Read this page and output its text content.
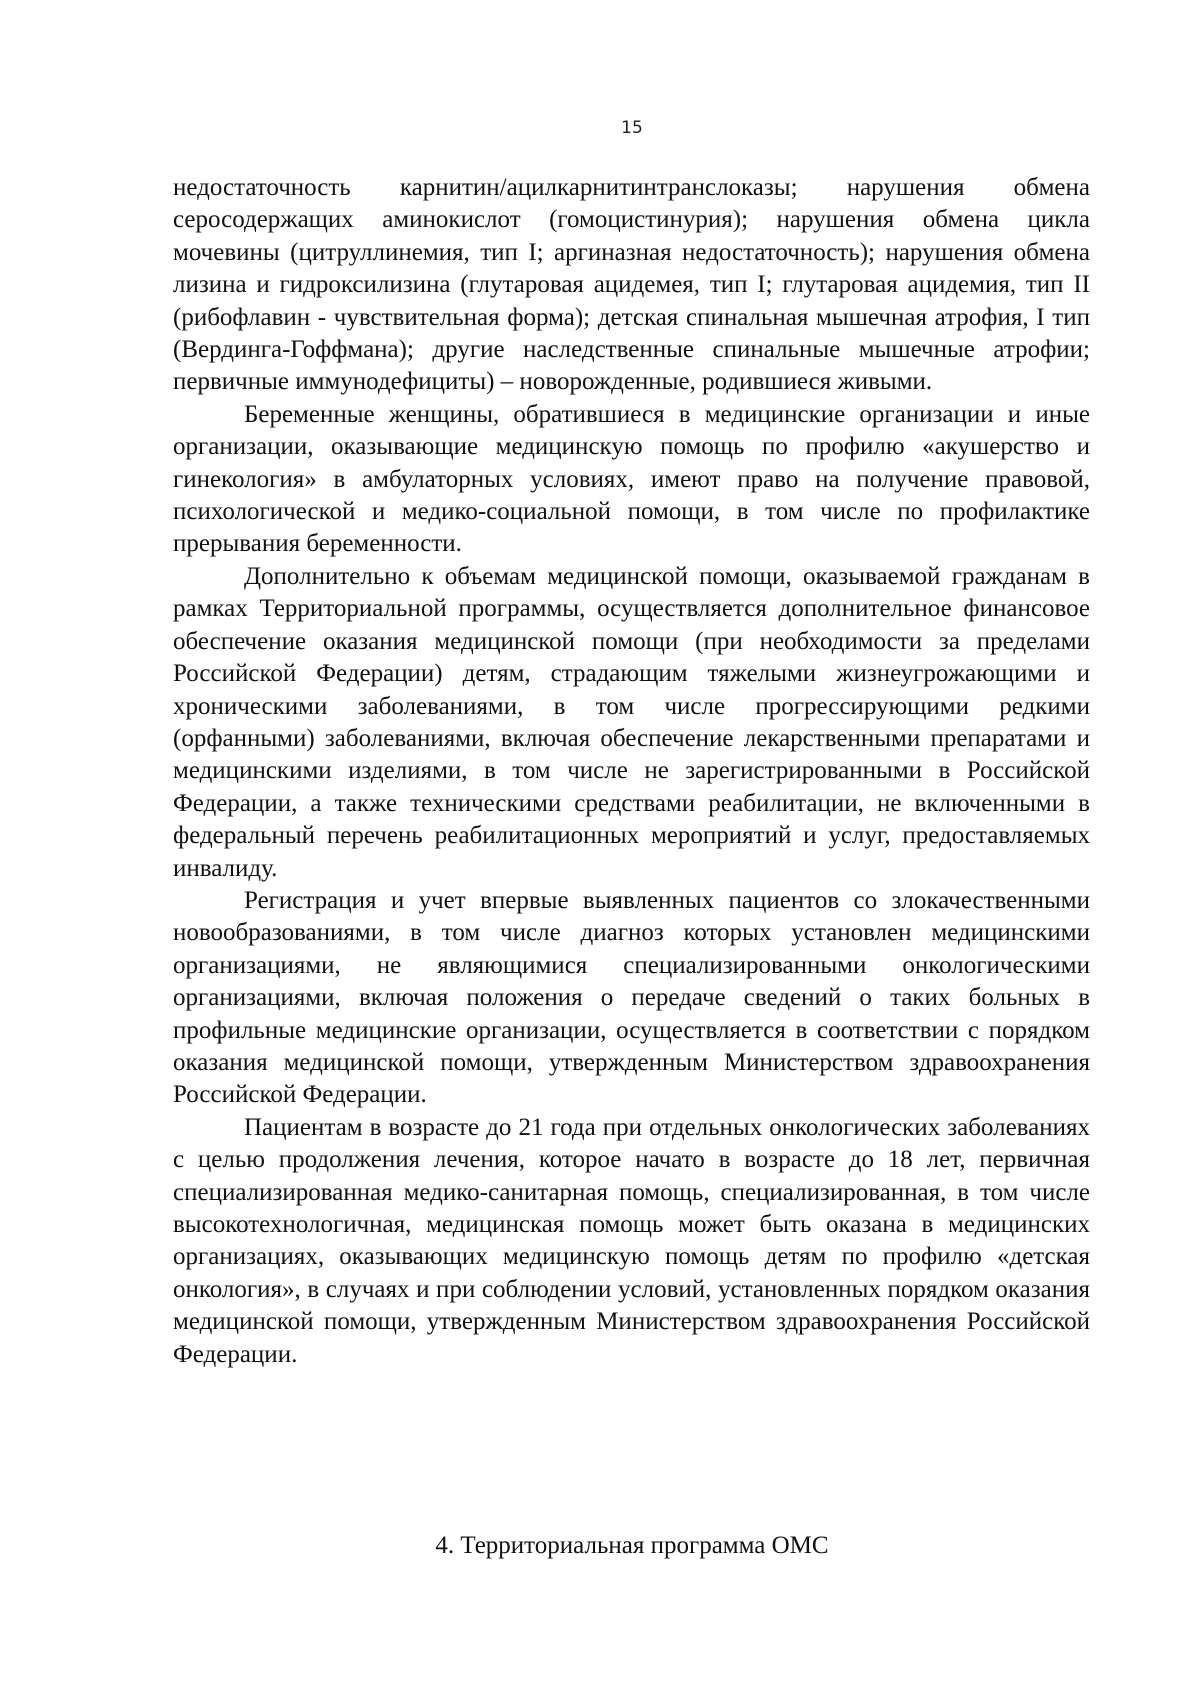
15

недостаточность карнитин/ацилкарнитинтранслоказы; нарушения обмена серосодержащих аминокислот (гомоцистинурия); нарушения обмена цикла мочевины (цитруллинемия, тип I; аргиназная недостаточность); нарушения обмена лизина и гидроксилизина (глутаровая ацидемея, тип I; глутаровая ацидемия, тип II (рибофлавин - чувствительная форма); детская спинальная мышечная атрофия, I тип (Вердинга-Гоффмана); другие наследственные спинальные мышечные атрофии; первичные иммунодефициты) – новорожденные, родившиеся живыми.

Беременные женщины, обратившиеся в медицинские организации и иные организации, оказывающие медицинскую помощь по профилю «акушерство и гинекология» в амбулаторных условиях, имеют право на получение правовой, психологической и медико-социальной помощи, в том числе по профилактике прерывания беременности.

Дополнительно к объемам медицинской помощи, оказываемой гражданам в рамках Территориальной программы, осуществляется дополнительное финансовое обеспечение оказания медицинской помощи (при необходимости за пределами Российской Федерации) детям, страдающим тяжелыми жизнеугрожающими и хроническими заболеваниями, в том числе прогрессирующими редкими (орфанными) заболеваниями, включая обеспечение лекарственными препаратами и медицинскими изделиями, в том числе не зарегистрированными в Российской Федерации, а также техническими средствами реабилитации, не включенными в федеральный перечень реабилитационных мероприятий и услуг, предоставляемых инвалиду.

Регистрация и учет впервые выявленных пациентов со злокачественными новообразованиями, в том числе диагноз которых установлен медицинскими организациями, не являющимися специализированными онкологическими организациями, включая положения о передаче сведений о таких больных в профильные медицинские организации, осуществляется в соответствии с порядком оказания медицинской помощи, утвержденным Министерством здравоохранения Российской Федерации.

Пациентам в возрасте до 21 года при отдельных онкологических заболеваниях с целью продолжения лечения, которое начато в возрасте до 18 лет, первичная специализированная медико-санитарная помощь, специализированная, в том числе высокотехнологичная, медицинская помощь может быть оказана в медицинских организациях, оказывающих медицинскую помощь детям по профилю «детская онкология», в случаях и при соблюдении условий, установленных порядком оказания медицинской помощи, утвержденным Министерством здравоохранения Российской Федерации.

4. Территориальная программа ОМС
